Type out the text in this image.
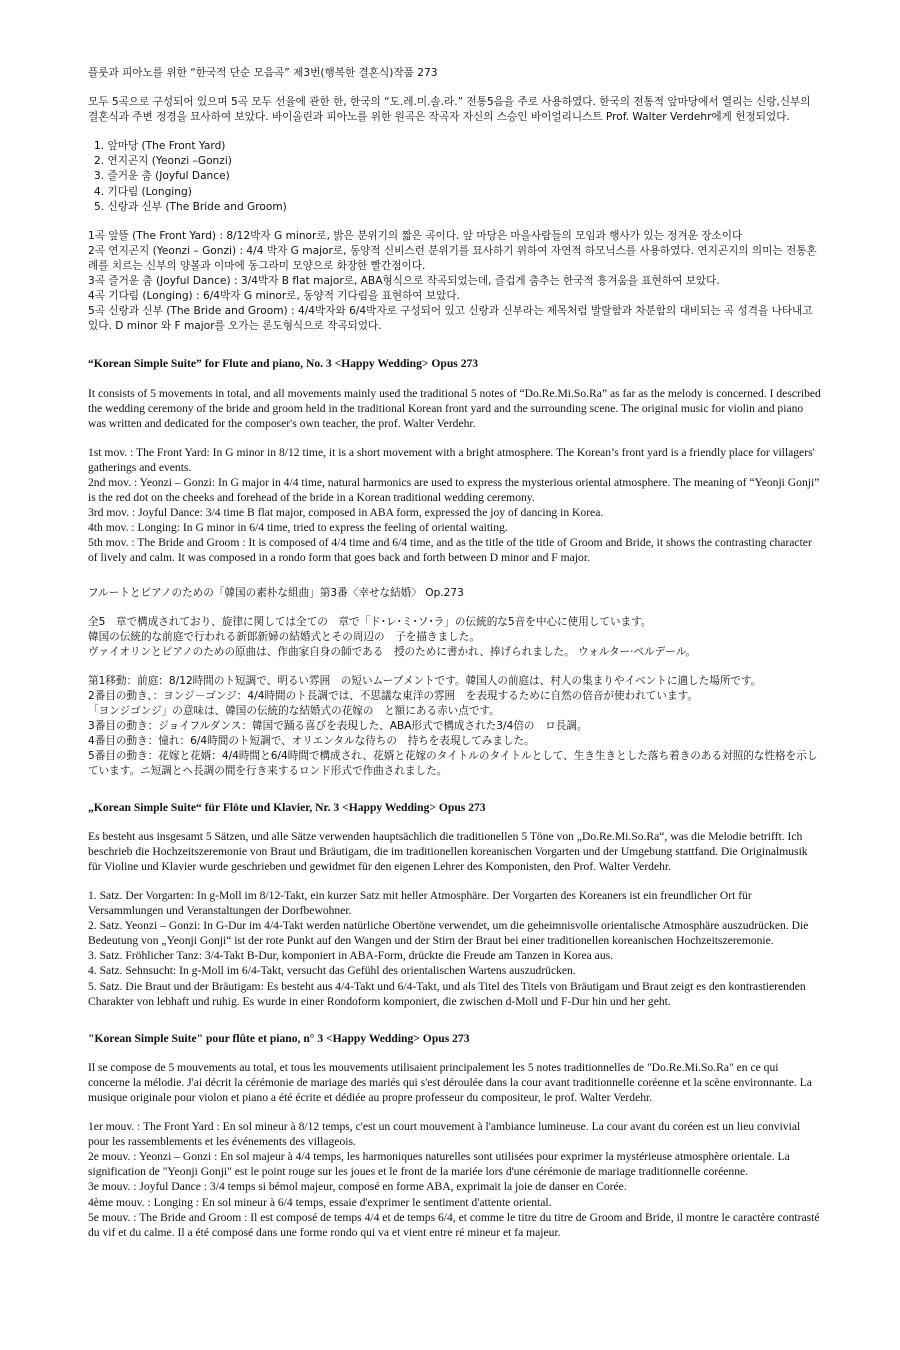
플룻과 피아노를 위한 “한국적 단순 모음곡” 제3번(행복한 결혼식)작품 273

모두 5곡으로 구성되어 있으며 5곡 모두 선율에 관한 한, 한국의 “도.레.미.솔.라.” 전통5음을 주로 사용하였다. 한국의 전통적 앞마당에서 열리는 신랑,신부의 결혼식과 주변 정경을 묘사하여 보았다. 바이올린과 피아노를 위한 원곡은 작곡자 자신의 스승인 바이얼리니스트 Prof. Walter Verdehr에게 헌정되었다.

1. 앞마당 (The Front Yard)
2. 연지곤지 (Yeonzi –Gonzi)
3. 즐거운 춤 (Joyful Dance)
4. 기다림 (Longing)
5. 신랑과 신부 (The Bride and Groom)
1곡 앞뜰 (The Front Yard) : 8/12박자 G minor로, 밝은 분위기의 짧은 곡이다. 앞 마당은 마을사람들의 모임과 행사가 있는 정겨운 장소이다
2곡 연지곤지 (Yeonzi – Gonzi) : 4/4 박자 G major로, 동양적 신비스런 분위기를 묘사하기 위하여 자연적 하모닉스를 사용하였다. 연지곤지의 의미는 전통혼례를 치르는 신부의 양볼과 이마에 동그라미 모양으로 화장한 빨간점이다.
3곡 즐거운 춤 (Joyful Dance) : 3/4박자 B flat major로, ABA형식으로 작곡되었는데, 즐겁게 춤추는 한국적 흥겨움을 표현하여 보았다.
4곡 기다림 (Longing) : 6/4박자 G minor로, 동양적 기다림을 표현하여 보았다.
5곡 신랑과 신부 (The Bride and Groom) : 4/4박자와 6/4박자로 구성되어 있고 신랑과 신부라는 제목처럼 발랄함과 차분함의 대비되는 곡 성격을 나타내고 있다. D minor 와 F major를 오가는 론도형식으로 작곡되었다.
“Korean Simple Suite” for Flute and piano, No. 3 <Happy Wedding> Opus 273

It consists of 5 movements in total, and all movements mainly used the traditional 5 notes of “Do.Re.Mi.So.Ra” as far as the melody is concerned. I described the wedding ceremony of the bride and groom held in the traditional Korean front yard and the surrounding scene. The original music for violin and piano was written and dedicated for the composer's own teacher, the prof. Walter Verdehr.

1st mov. : The Front Yard: In G minor in 8/12 time, it is a short movement with a bright atmosphere. The Korean’s front yard is a friendly place for villagers' gatherings and events.
2nd mov. : Yeonzi – Gonzi: In G major in 4/4 time, natural harmonics are used to express the mysterious oriental atmosphere. The meaning of “Yeonji Gonji” is the red dot on the cheeks and forehead of the bride in a Korean traditional wedding ceremony.
3rd mov. : Joyful Dance: 3/4 time B flat major, composed in ABA form, expressed the joy of dancing in Korea.
4th mov. : Longing: In G minor in 6/4 time, tried to express the feeling of oriental waiting.
5th mov. : The Bride and Groom : It is composed of 4/4 time and 6/4 time, and as the title of the title of Groom and Bride, it shows the contrasting character of lively and calm. It was composed in a rondo form that goes back and forth between D minor and F major.
フルートとピアノのための「韓国の素朴な組曲」第3番〈幸せな結婚〉 Op.273

全5　章で構成されており、旋律に関しては全ての　章で「ド･レ･ミ･ソ･ラ」の伝統的な5音を中心に使用しています。
韓国の伝統的な前庭で行われる新郎新婦の結婚式とその周辺の　子を描きました。
ヴァイオリンとピアノのための原曲は、作曲家自身の師である　授のために書かれ、捧げられました。 ウォルター·ベルデール。

第1移動：前庭：8/12時間のト短調で、明るい雰囲　の短いムーブメントです。韓国人の前庭は、村人の集まりやイベントに適した場所です。
2番目の動き、：ヨンジ－ゴンジ：4/4時間のト長調では、不思議な東洋の雰囲　を表現するために自然の倍音が使われています。
「ヨンジゴンジ」の意味は、韓国の伝統的な結婚式の花嫁の　と額にある赤い点です。
3番目の動き：ジョイフルダンス：韓国で踊る喜びを表現した、ABA形式で構成された3/4倍の　ロ長調。
4番目の動き：憧れ：6/4時間のト短調で、オリエンタルな待ちの　持ちを表現してみました。
5番目の動き：花嫁と花婿：4/4時間と6/4時間で構成され、花婿と花嫁のタイトルのタイトルとして、生き生きとした落ち着きのある対照的な性格を示しています。ニ短調とヘ長調の間を行き来するロンド形式で作曲されました。
„Korean Simple Suite“ für Flöte und Klavier, Nr. 3 <Happy Wedding> Opus 273

Es besteht aus insgesamt 5 Sätzen, und alle Sätze verwenden hauptsächlich die traditionellen 5 Töne von „Do.Re.Mi.So.Ra“, was die Melodie betrifft. Ich beschrieb die Hochzeitszeremonie von Braut und Bräutigam, die im traditionellen koreanischen Vorgarten und der Umgebung stattfand. Die Originalmusik für Violine und Klavier wurde geschrieben und gewidmet für den eigenen Lehrer des Komponisten, den Prof. Walter Verdehr.

1. Satz. Der Vorgarten: In g-Moll im 8/12-Takt, ein kurzer Satz mit heller Atmosphäre. Der Vorgarten des Koreaners ist ein freundlicher Ort für Versammlungen und Veranstaltungen der Dorfbewohner.
2. Satz. Yeonzi – Gonzi: In G-Dur im 4/4-Takt werden natürliche Obertöne verwendet, um die geheimnisvolle orientalische Atmosphäre auszudrücken. Die Bedeutung von „Yeonji Gonji“ ist der rote Punkt auf den Wangen und der Stirn der Braut bei einer traditionellen koreanischen Hochzeitszeremonie.
3. Satz. Fröhlicher Tanz: 3/4-Takt B-Dur, komponiert in ABA-Form, drückte die Freude am Tanzen in Korea aus.
4. Satz. Sehnsucht: In g-Moll im 6/4-Takt, versucht das Gefühl des orientalischen Wartens auszudrücken.
5. Satz. Die Braut und der Bräutigam: Es besteht aus 4/4-Takt und 6/4-Takt, und als Titel des Titels von Bräutigam und Braut zeigt es den kontrastierenden Charakter von lebhaft und ruhig. Es wurde in einer Rondoform komponiert, die zwischen d-Moll und F-Dur hin und her geht.
"Korean Simple Suite" pour flûte et piano, n° 3 <Happy Wedding> Opus 273

Il se compose de 5 mouvements au total, et tous les mouvements utilisaient principalement les 5 notes traditionnelles de "Do.Re.Mi.So.Ra" en ce qui concerne la mélodie. J'ai décrit la cérémonie de mariage des mariés qui s'est déroulée dans la cour avant traditionnelle coréenne et la scène environnante. La musique originale pour violon et piano a été écrite et dédiée au propre professeur du compositeur, le prof. Walter Verdehr.

1er mouv. : The Front Yard : En sol mineur à 8/12 temps, c'est un court mouvement à l'ambiance lumineuse. La cour avant du coréen est un lieu convivial pour les rassemblements et les événements des villageois.
2e mouv. : Yeonzi – Gonzi : En sol majeur à 4/4 temps, les harmoniques naturelles sont utilisées pour exprimer la mystérieuse atmosphère orientale. La signification de "Yeonji Gonji" est le point rouge sur les joues et le front de la mariée lors d'une cérémonie de mariage traditionnelle coréenne.
3e mouv. : Joyful Dance : 3/4 temps si bémol majeur, composé en forme ABA, exprimait la joie de danser en Corée.
4ème mouv. : Longing : En sol mineur à 6/4 temps, essaie d'exprimer le sentiment d'attente oriental.
5e mouv. : The Bride and Groom : Il est composé de temps 4/4 et de temps 6/4, et comme le titre du titre de Groom and Bride, il montre le caractère contrasté du vif et du calme. Il a été composé dans une forme rondo qui va et vient entre ré mineur et fa majeur.
